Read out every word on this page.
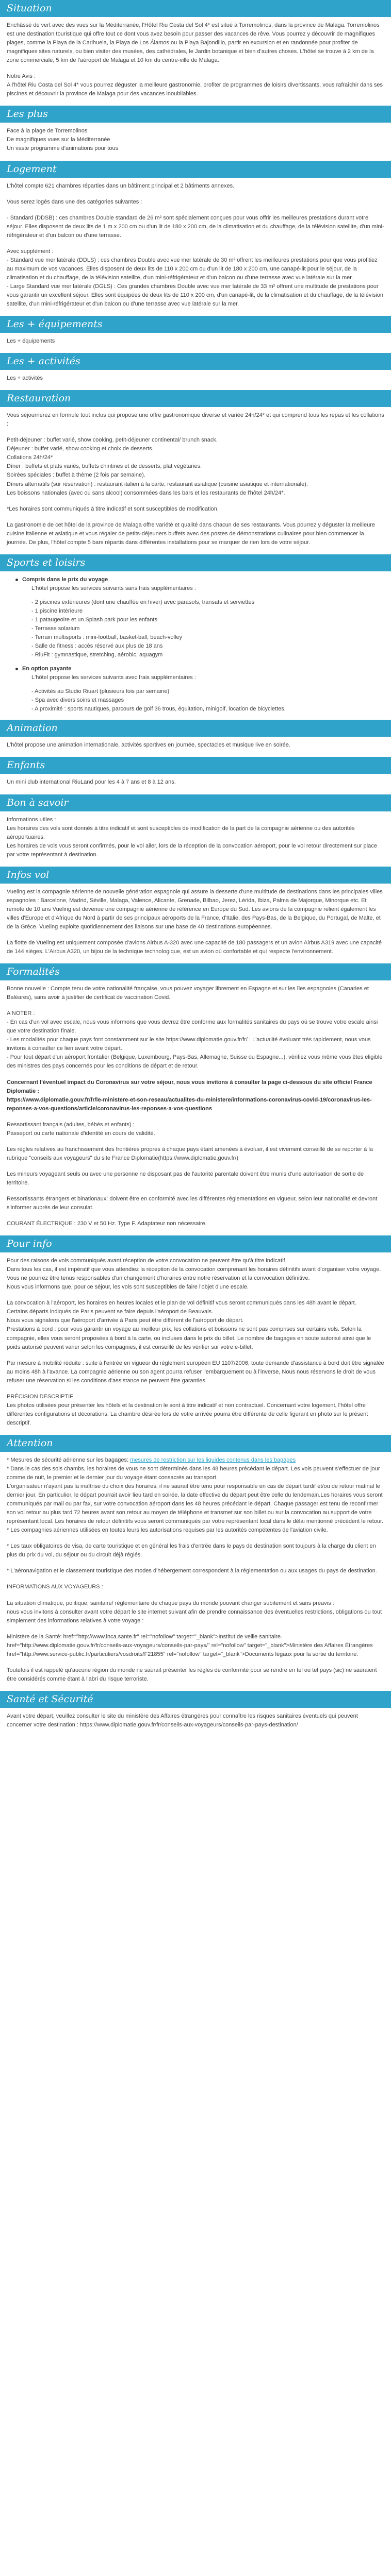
Situation

Enchâssé de vert avec des vues sur la Méditerranée, l'Hôtel Riu Costa del Sol 4* est situé à Torremolinos, dans la province de Malaga. Torremolinos est une destination touristique qui offre tout ce dont vous avez besoin pour passer des vacances de rêve. Vous pourrez y découvrir de magnifiques plages, comme la Playa de la Carihuela, la Playa de Los Álamos ou la Playa Bajondillo, partir en excursion et en randonnée pour profiter de magnifiques sites naturels, ou bien visiter des musées, des cathédrales, le Jardin botanique et bien d'autres choses. L'hôtel se trouve à 2 km de la zone commerciale, 5 km de l'aéroport de Malaga et 10 km du centre-ville de Malaga.

Notre Avis :
A l'hôtel Riu Costa del Sol 4* vous pourrez déguster la meilleure gastronomie, profiter de programmes de loisirs divertissants, vous rafraîchir dans ses piscines et découvrir la province de Malaga pour des vacances inoubliables.

Les plus

Face à la plage de Torremolinos

De magnifiques vues sur la Méditerranée

Un vaste programme d'animations pour tous

Logement

L'hôtel compte 621 chambres réparties dans un bâtiment principal et 2 bâtiments annexes.

Vous serez logés dans une des catégories suivantes :

- Standard (DDSB) : ces chambres Double standard de 26 m² sont spécialement conçues pour vous offrir les meilleures prestations durant votre séjour. Elles disposent de deux lits de 1 m x 200 cm ou d'un lit de 180 x 200 cm, de la climatisation et du chauffage, de la télévision satellite, d'un mini-réfrigérateur et d'un balcon ou d'une terrasse.

Avec supplément :
- Standard vue mer latérale (DDLS) : ces chambres Double avec vue mer latérale de 30 m² offrent les meilleures prestations pour que vous profitiez au maximum de vos vacances. Elles disposent de deux lits de 110 x 200 cm ou d'un lit de 180 x 200 cm, une canapé-lit pour le séjour, de la climatisation et du chauffage, de la télévision satellite, d'un mini-réfrigérateur et d'un balcon ou d'une terrasse avec vue latérale sur la mer.
- Large Standard vue mer latérale (DGLS) : Ces grandes chambres Double avec vue mer latérale de 33 m² offrent une multitude de prestations pour vous garantir un excellent séjour. Elles sont équipées de deux lits de 110 x 200 cm, d'un canapé-lit, de la climatisation et du chauffage, de la télévision satellite, d'un mini-réfrigérateur et d'un balcon ou d'une terrasse avec vue latérale sur la mer.

Les + équipements

Les + équipements

Les + activités

Les + activités

Restauration

Vous séjournerez en formule tout inclus qui propose une offre gastronomique diverse et variée 24h/24* et qui comprend tous les repas et les collations :

Petit-déjeuner : buffet varié, show cooking, petit-déjeuner continental/ brunch snack.
Déjeuner : buffet varié, show cooking et choix de desserts.
Collations 24h/24*
Dîner : buffets et plats variés, buffets chintines et de desserts, plat végétaries.
Soirées spéciales : buffet à thème (2 fois par semaine).
Dîners alternatifs (sur réservation) : restaurant italien à la carte, restaurant asiatique (cuisine asiatique et internationale).
Les boissons nationales (avec ou sans alcool) consommées dans les bars et les restaurants de l'hôtel 24h/24*.

*Les horaires sont communiqués à titre indicatif et sont susceptibles de modification.

La gastronomie de cet hôtel de la province de Malaga offre variété et qualité dans chacun de ses restaurants. Vous pourrez y déguster la meilleure cuisine italienne et asiatique et vous régaler de petits-déjeuners buffets avec des postes de démonstrations culinaires pour bien commencer la journée. De plus, l'hôtel compte 5 bars répartis dans différentes installations pour se marquer de rien lors de votre séjour.

Sports et loisirs
Compris dans le prix du voyage

L'hôtel propose les services suivants sans frais supplémentaires :

- 2 piscines extérieures (dont une chauffée en hiver) avec parasols, transats et serviettes
- 1 piscine intérieure
- 1 pataugeoire et un Splash park pour les enfants
- Terrasse solarium
- Terrain multisports : mini-football, basket-ball, beach-volley
- Salle de fitness : accès réservé aux plus de 18 ans
- RiuFit : gymnastique, stretching, aérobic, aquagym

En option payante

L'hôtel propose les services suivants avec frais supplémentaires :

- Activités au Studio Riuart (plusieurs fois par semaine)
- Spa avec divers soins et massages
- A proximité : sports nautiques, parcours de golf 36 trous, équitation, minigolf, location de bicyclettes.

Animation

L'hôtel propose une animation internationale, activités sportives en journée, spectacles et musique live en soirée.

Enfants

Un mini club international RiuLand pour les 4 à 7 ans et 8 à 12 ans.

Bon à savoir

Informations utiles :
Les horaires des vols sont donnés à titre indicatif et sont susceptibles de modification de la part de la compagnie aérienne ou des autorités aéroportuaires.
Les horaires de vols vous seront confirmés, pour le vol aller, lors de la réception de la convocation aéroport, pour le vol retour directement sur place par votre représentant à destination.

Infos vol

Vueling est la compagnie aérienne de nouvelle génération espagnole qui assure la desserte d'une multitude de destinations dans les principales villes espagnoles : Barcelone, Madrid, Séville, Malaga, Valence, Alicante, Grenade, Bilbao, Jerez, Lérida, Ibiza, Palma de Majorque, Minorque etc. Et remote de 10 ans Vueling est devenue une compagnie aérienne de référence en Europe du Sud. Les avions de la compagnie relient également les villes d'Europe et d'Afrique du Nord à partir de ses principaux aéroports de la France, d'Italie, des Pays-Bas, de la Belgique, du Portugal, de Malte, et de la Grèce. Vueling exploite quotidiennement des liaisons sur une base de 40 destinations européennes.

La flotte de Vueling est uniquement composée d'avions Airbus A-320 avec une capacité de 180 passagers et un avion Airbus A319 avec une capacité de 144 sièges. L'Airbus A320, un bijou de la technique technologique, est un avion où confortable et qui respecte l'environnement.

Formalités

Bonne nouvelle : Compte tenu de votre nationalité française, vous pouvez voyager librement en Espagne et sur les îles espagnoles (Canaries et Baléares), sans avoir à justifier de certificat de vaccination Covid.

A NOTER :
- En cas d'un vol avec escale, nous vous informons que vous devrez être conforme aux formalités sanitaires du pays où se trouve votre escale ainsi que votre destination finale.
- Les modalités pour chaque pays font constamment sur le site https://www.diplomatie.gouv.fr/fr/ : L'actualité évoluant très rapidement, nous vous invitons à consulter ce lien avant votre départ.
- Pour tout départ d'un aéroport frontalier (Belgique, Luxembourg, Pays-Bas, Allemagne, Suisse ou Espagne...), vérifiez vous même vous êtes eligible des ministres des pays concernés pour les conditions de départ et de retour.

Concernant l'éventuel impact du Coronavirus sur votre séjour, nous vous invitons à consulter la page ci-dessous du site officiel France Diplomatie :
https://www.diplomatie.gouv.fr/fr/le-ministere-et-son-reseau/actualites-du-ministere/informations-coronavirus-covid-19/coronavirus-les-reponses-a-vos-questions/article/coronavirus-les-reponses-a-vos-questions

Ressortissant français (adultes, bébés et enfants) :
Passeport ou carte nationale d'identité en cours de validité.

Les règles relatives au franchissement des frontières propres à chaque pays étant amenées à évoluer, il est vivement conseillé de se reporter à la rubrique "conseils aux voyageurs" du site France Diplomatie(https://www.diplomatie.gouv.fr/)

Les mineurs voyageant seuls ou avec une personne ne disposant pas de l'autorité parentale doivent être munis d'une autorisation de sortie de territoire.

Ressortissants étrangers et binationaux: doivent être en conformité avec les différentes réglementations en vigueur, selon leur nationalité et devront s'informer auprès de leur consulat.

COURANT ÉLECTRIQUE : 230 V et 50 Hz. Type F. Adaptateur non nécessaire.

Pour info

Pour des raisons de vols communiqués avant réception de votre convocation ne peuvent être qu'à titre indicatif.
Dans tous les cas, il est impératif que vous attendiez la réception de la convocation comprenant les horaires définitifs avant d'organiser votre voyage.
Vous ne pourrez être tenus responsables d'un changement d'horaires entre notre réservation et la convocation définitive.
Nous vous informons que, pour ce séjour, les vols sont susceptibles de faire l'objet d'une escale.

La convocation à l'aéroport, les horaires en heures locales et le plan de vol définitif vous seront communiqués dans les 48h avant le départ.
Certains départs indiqués de Paris peuvent se faire depuis l'aéroport de Beauvais.
Nous vous signalons que l'aéroport d'arrivée à Paris peut être différent de l'aéroport de départ.
Prestations à bord : pour vous garantir un voyage au meilleur prix, les collations et boissons ne sont pas comprises sur certains vols. Selon la compagnie, elles vous seront proposées à bord à la carte, ou incluses dans le prix du billet. Le nombre de bagages en soute autorisé ainsi que le poids autorisé peuvent varier selon les compagnies, il est conseillé de les vérifier sur votre e-billet.

Par mesure à mobilité réduite : suite à l'entrée en vigueur du règlement européen EU 1107/2006, toute demande d'assistance à bord doit être signalée au moins 48h à l'avance. La compagnie aérienne ou son agent pourra refuser l'embarquement ou à l'inverse, Nous nous réservons le droit de vous refuser une réservation si les conditions d'assistance ne peuvent être garanties.

PRÉCISION DESCRIPTIF
Les photos utilisées pour présenter les hôtels et la destination le sont à titre indicatif et non contractuel. Concernant votre logement, l'hôtel offre différentes configurations et décorations. La chambre désirée lors de votre arrivée pourra être différente de celle figurant en photo sur le présent descriptif.

Attention

* Mesures de sécurité aérienne sur les bagages: mesures de restriction sur les liquides contenus dans les bagages
* Dans le cas des sols chambs, les horaires de vous ne sont déterminés dans les 48 heures précédant le départ. Les vols peuvent s'effectuer de jour comme de nuit, le premier et le dernier jour du voyage étant consacrés au transport.
L'organisateur n'ayant pas la maîtrise du choix des horaires, il ne saurait être tenu pour responsable en cas de départ tardif et/ou de retour matinal le dernier jour. En particulier, le départ pourrait avoir lieu tard en soirée, la date effective du départ peut être celle du lendemain.Les horaires vous seront communiqués par mail ou par fax, sur votre convocation aéroport dans les 48 heures précédant le départ. Chaque passager est tenu de reconfirmer son vol retour au plus tard 72 heures avant son retour au moyen de téléphone et transmet sur son billet ou sur la convocation au support de votre représentant local. Les horaires de retour définitifs vous seront communiqués par votre représentant local dans le délai mentionné précédent le retour.
* Les compagnies aériennes utilisées en toutes leurs les autorisations requises par les autorités compétentes de l'aviation civile.

* Les taux obligatoires de visa, de carte touristique et en général les frais d'entrée dans le pays de destination sont toujours à la charge du client en plus du prix du vol, du séjour ou du circuit déjà réglés.

* L'aéronavigation et le classement touristique des modes d'hébergement correspondent à la réglementation ou aux usages du pays de destination.

INFORMATIONS AUX VOYAGEURS :

La situation climatique, politique, sanitaire/ réglementaire de chaque pays du monde pouvant changer subitement et sans préavis :
nous vous invitons à consulter avant votre départ le site internet suivant afin de prendre connaissance des éventuelles restrictions, obligations ou tout simplement des informations relatives à votre voyage :

Ministère de la Santé: href="http://www.inca.sante.fr" rel="nofollow" target="_blank">Institut de veille sanitaire. href="http://www.diplomatie.gouv.fr/fr/conseils-aux-voyageurs/conseils-par-pays/" rel="nofollow" target="_blank">Ministère des Affaires Étrangères href="http://www.service-public.fr/particuliers/vosdroits/F21855" rel="nofollow" target="_blank">Documents légaux pour la sortie du territoire.

Toutefois il est rappelé qu'aucune région du monde ne saurait présenter les règles de conformité pour se rendre en tel ou tel pays (sic) ne sauraient être considérés comme étant à l'abri du risque terroriste.

Santé et Sécurité

Avant votre départ, veuillez consulter le site du ministère des Affaires étrangères pour connaître les risques sanitaires éventuels qui peuvent concerner votre destination : https://www.diplomatie.gouv.fr/fr/conseils-aux-voyageurs/conseils-par-pays-destination/
